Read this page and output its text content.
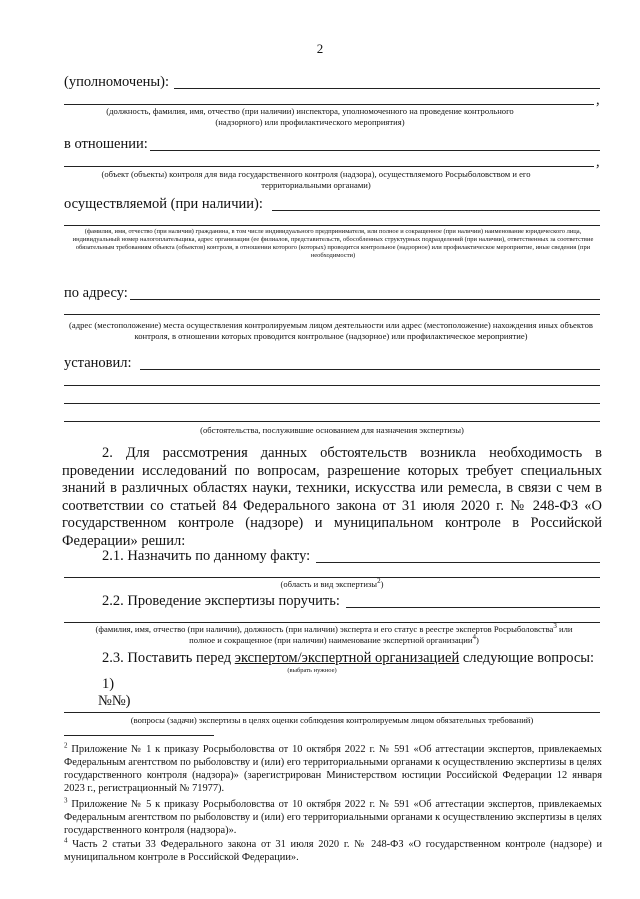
2
(уполномочены):
,
(должность, фамилия, имя, отчество (при наличии) инспектора, уполномоченного на проведение контрольного (надзорного) или профилактического мероприятия)
в отношении:
,
(объект (объекты) контроля для вида государственного контроля (надзора), осуществляемого Росрыболовством и его территориальными органами)
осуществляемой (при наличии):
(фамилия, имя, отчество (при наличии) гражданина, в том числе индивидуального предпринимателя, или полное и сокращенное (при наличии) наименование юридического лица, индивидуальный номер налогоплательщика, адрес организации (ее филиалов, представительств, обособленных структурных подразделений (при наличии), ответственных за соответствие обязательным требованиям объекта (объектов) контроля, в отношении которого (которых) проводится контрольное (надзорное) или профилактическое мероприятие, иные сведения (при необходимости)
по адресу:
(адрес (местоположение) места осуществления контролируемым лицом деятельности или адрес (местоположение) нахождения иных объектов контроля, в отношении которых проводится контрольное (надзорное) или профилактическое мероприятие)
установил:
(обстоятельства, послужившие основанием для назначения экспертизы)
2. Для рассмотрения данных обстоятельств возникла необходимость в проведении исследований по вопросам, разрешение которых требует специальных знаний в различных областях науки, техники, искусства или ремесла, в связи с чем в соответствии со статьей 84 Федерального закона от 31 июля 2020 г. № 248-ФЗ «О государственном контроле (надзоре) и муниципальном контроле в Российской Федерации» решил:
2.1. Назначить по данному факту:
(область и вид экспертизы$^2$)
2.2. Проведение экспертизы поручить:
(фамилия, имя, отчество (при наличии), должность (при наличии) эксперта и его статус в реестре экспертов Росрыболовства$^3$ или полное и сокращенное (при наличии) наименование экспертной организации$^4$)
2.3. Поставить перед экспертом/экспертной организацией следующие вопросы:
(выбрать нужное)
1)
№№)
(вопросы (задачи) экспертизы в целях оценки соблюдения контролируемым лицом обязательных требований)
$^2$ Приложение № 1 к приказу Росрыболовства от 10 октября 2022 г. № 591 «Об аттестации экспертов, привлекаемых Федеральным агентством по рыболовству и (или) его территориальными органами к осуществлению экспертизы в целях государственного контроля (надзора)» (зарегистрирован Министерством юстиции Российской Федерации 12 января 2023 г., регистрационный № 71977).
$^3$ Приложение № 5 к приказу Росрыболовства от 10 октября 2022 г. № 591 «Об аттестации экспертов, привлекаемых Федеральным агентством по рыболовству и (или) его территориальными органами к осуществлению экспертизы в целях государственного контроля (надзора)».
$^4$ Часть 2 статьи 33 Федерального закона от 31 июля 2020 г. № 248-ФЗ «О государственном контроле (надзоре) и муниципальном контроле в Российской Федерации».
